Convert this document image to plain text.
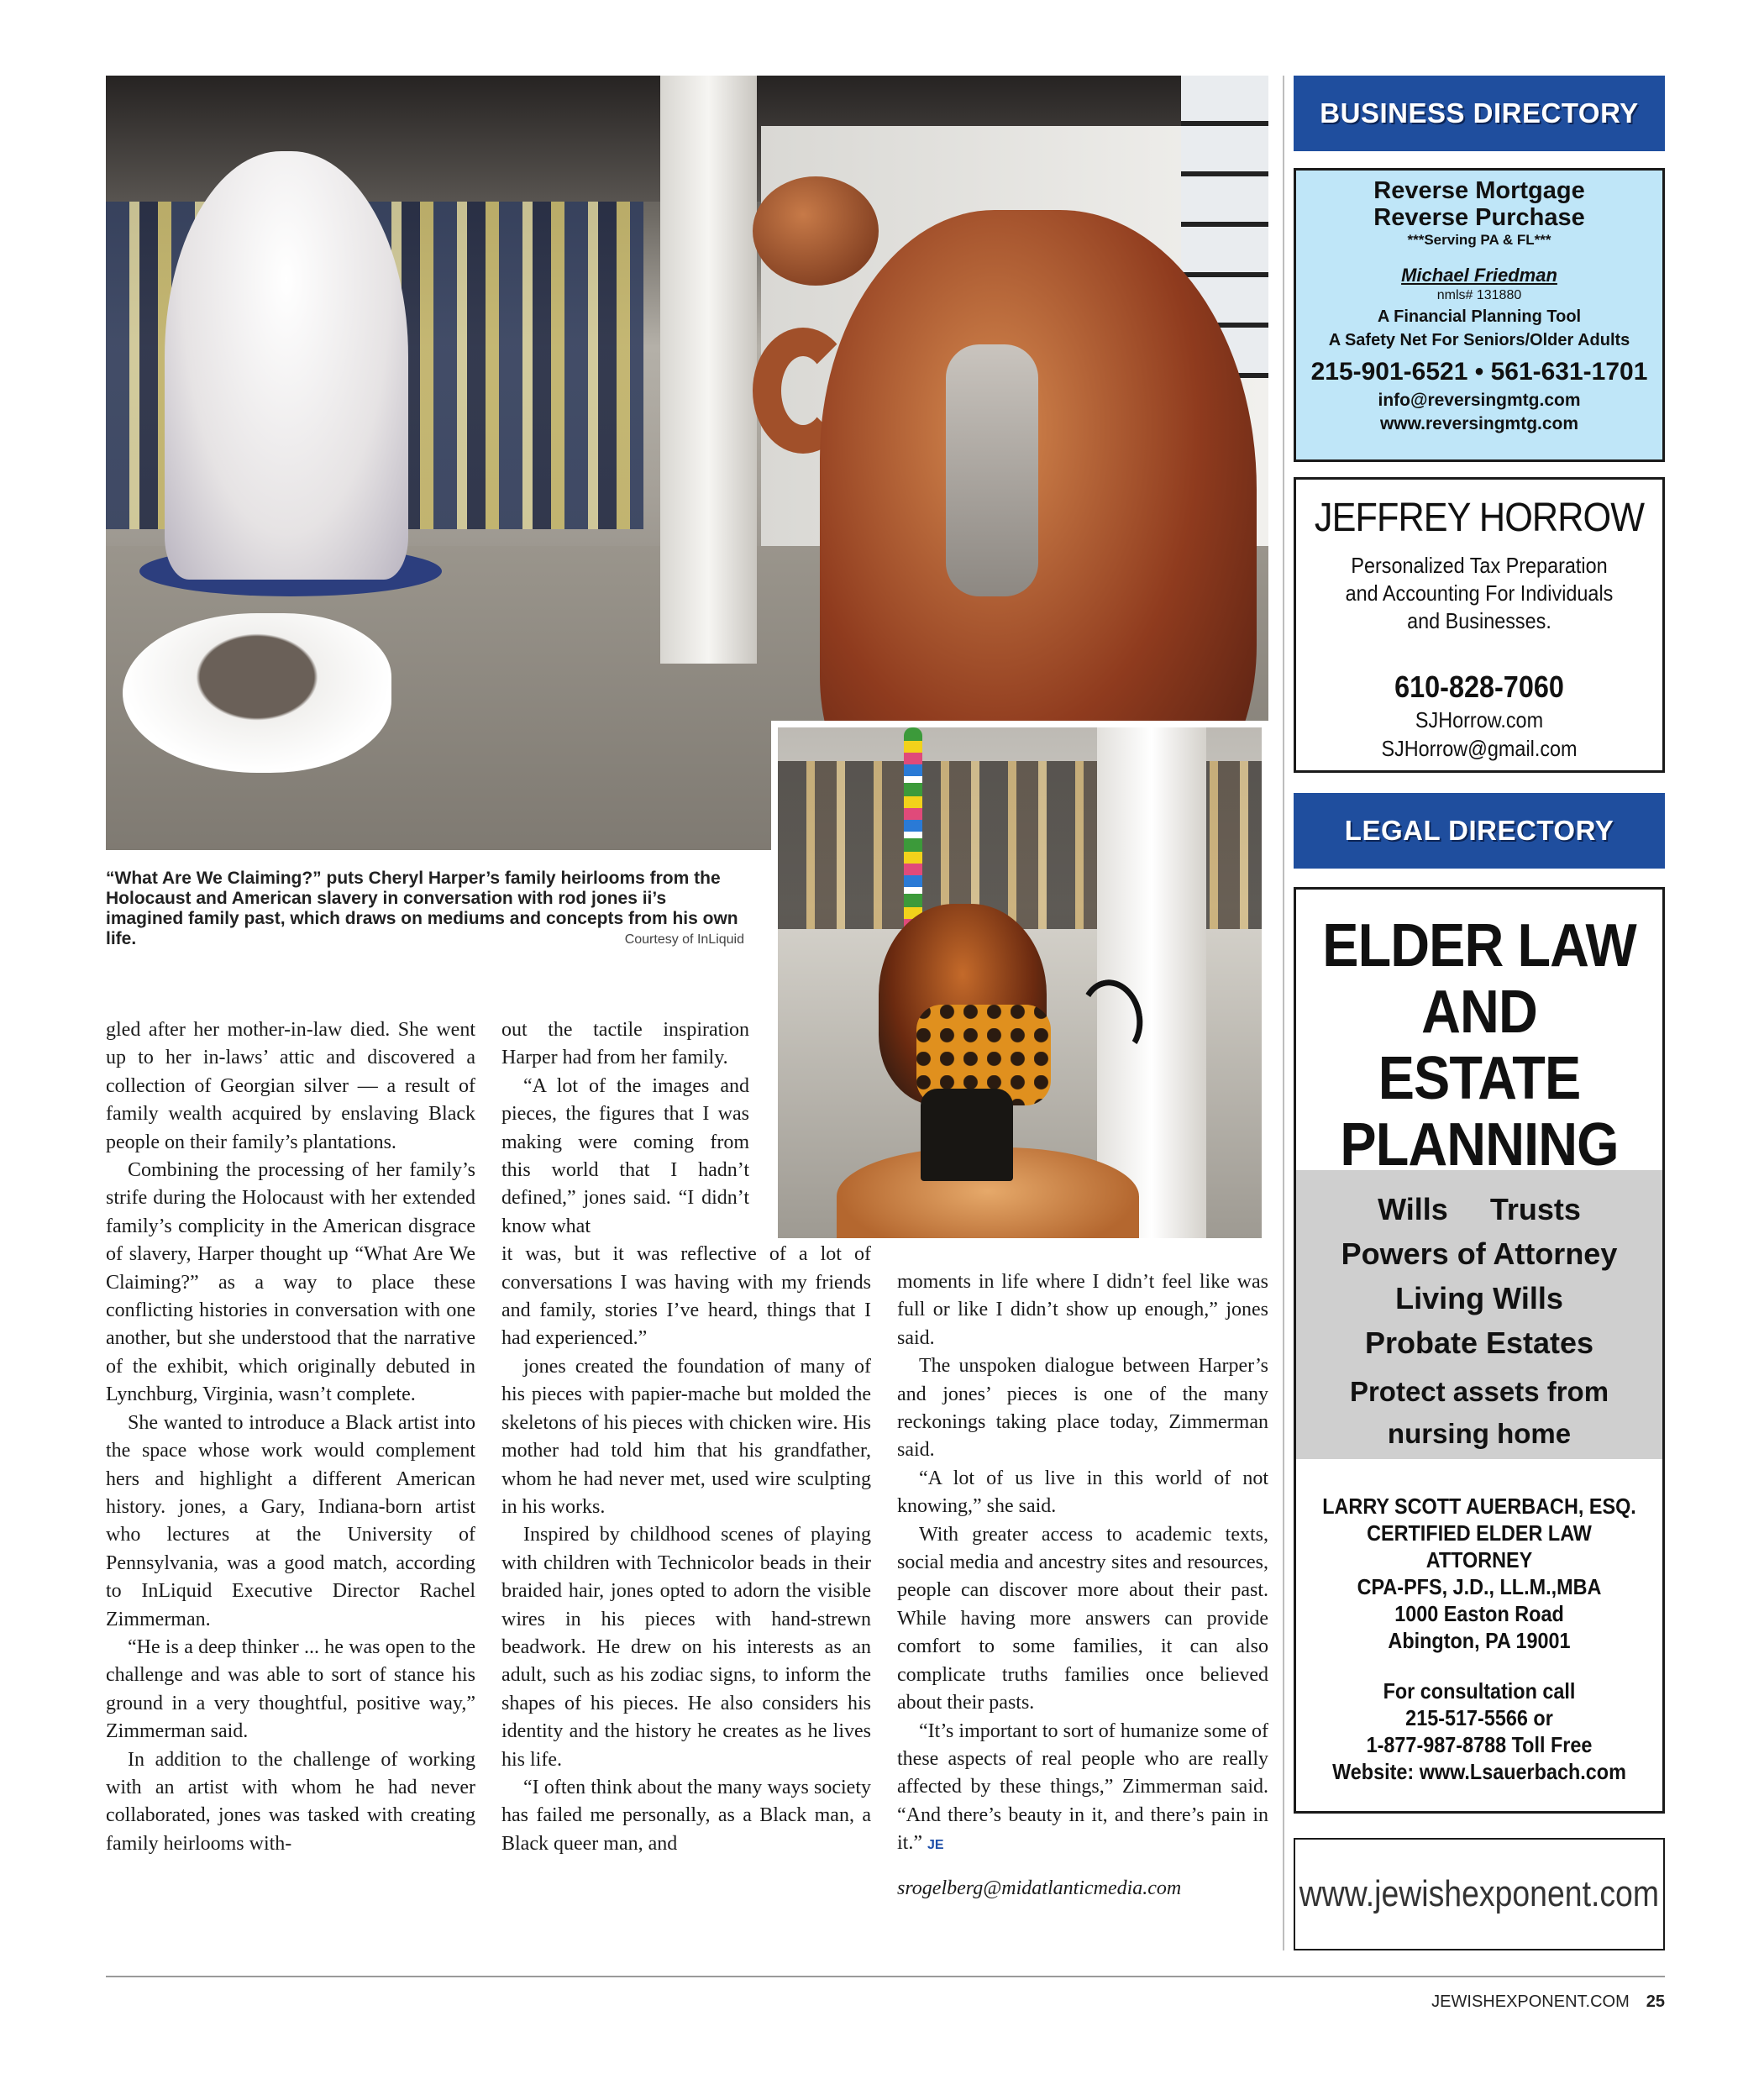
“What Are We Claiming?” puts Cheryl Harper’s family heirlooms from the Holocaust and American slavery in conversation with rod jones ii’s imagined family past, which draws on mediums and concepts from his own life.	Courtesy of InLiquid

gled after her mother-in-law died. She went up to her in-laws’ attic and discovered a collection of Georgian silver — a result of family wealth acquired by enslaving Black people on their family’s plantations.

Combining the processing of her family’s strife during the Holocaust with her extended family’s complicity in the American disgrace of slavery, Harper thought up “What Are We Claiming?” as a way to place these conflicting histories in conversation with one another, but she understood that the narrative of the exhibit, which originally debuted in Lynchburg, Virginia, wasn’t complete.

She wanted to introduce a Black artist into the space whose work would complement hers and highlight a different American history. jones, a Gary, Indiana-born artist who lectures at the University of Pennsylvania, was a good match, according to InLiquid Executive Director Rachel Zimmerman.

“He is a deep thinker ... he was open to the challenge and was able to sort of stance his ground in a very thoughtful, positive way,” Zimmerman said.

In addition to the challenge of working with an artist with whom he had never collaborated, jones was tasked with creating family heirlooms with-

out the tactile inspiration Harper had from her family.

“A lot of the images and pieces, the figures that I was making were coming from this world that I hadn’t defined,” jones said. “I didn’t know what

it was, but it was reflective of a lot of conversations I was having with my friends and family, stories I’ve heard, things that I had experienced.”

jones created the foundation of many of his pieces with papier-mache but molded the skeletons of his pieces with chicken wire. His mother had told him that his grandfather, whom he had never met, used wire sculpting in his works.

Inspired by childhood scenes of playing with children with Technicolor beads in their braided hair, jones opted to adorn the visible wires in his pieces with hand-strewn beadwork. He drew on his interests as an adult, such as his zodiac signs, to inform the shapes of his pieces. He also considers his identity and the history he creates as he lives his life.

“I often think about the many ways society has failed me personally, as a Black man, a Black queer man, and

moments in life where I didn’t feel like was full or like I didn’t show up enough,” jones said.

The unspoken dialogue between Harper’s and jones’ pieces is one of the many reckonings taking place today, Zimmerman said.

“A lot of us live in this world of not knowing,” she said.

With greater access to academic texts, social media and ancestry sites and resources, people can discover more about their past. While having more answers can provide comfort to some families, it can also complicate truths families once believed about their pasts.

“It’s important to sort of humanize some of these aspects of real people who are really affected by these things,” Zimmerman said. “And there’s beauty in it, and there’s pain in it.” JE

srogelberg@midatlanticmedia.com

BUSINESS DIRECTORY
Reverse Mortgage
Reverse Purchase
***Serving PA & FL***
Michael Friedman
nmls# 131880
A Financial Planning Tool
A Safety Net For Seniors/Older Adults
215-901-6521 • 561-631-1701
info@reversingmtg.com
www.reversingmtg.com
JEFFREY HORROW
Personalized Tax Preparation
and Accounting For Individuals
and Businesses.
610-828-7060
SJHorrow.com
SJHorrow@gmail.com
LEGAL DIRECTORY
ELDER LAW
AND
ESTATE
PLANNING
Wills Trusts
Powers of Attorney
Living Wills
Probate Estates
Protect assets from
nursing home
LARRY SCOTT AUERBACH, ESQ.
CERTIFIED ELDER LAW ATTORNEY
CPA-PFS, J.D., LL.M.,MBA
1000 Easton Road
Abington, PA 19001
For consultation call
215-517-5566 or
1-877-987-8788 Toll Free
Website: www.Lsauerbach.com
www.jewishexponent.com
JEWISHEXPONENT.COM 25
